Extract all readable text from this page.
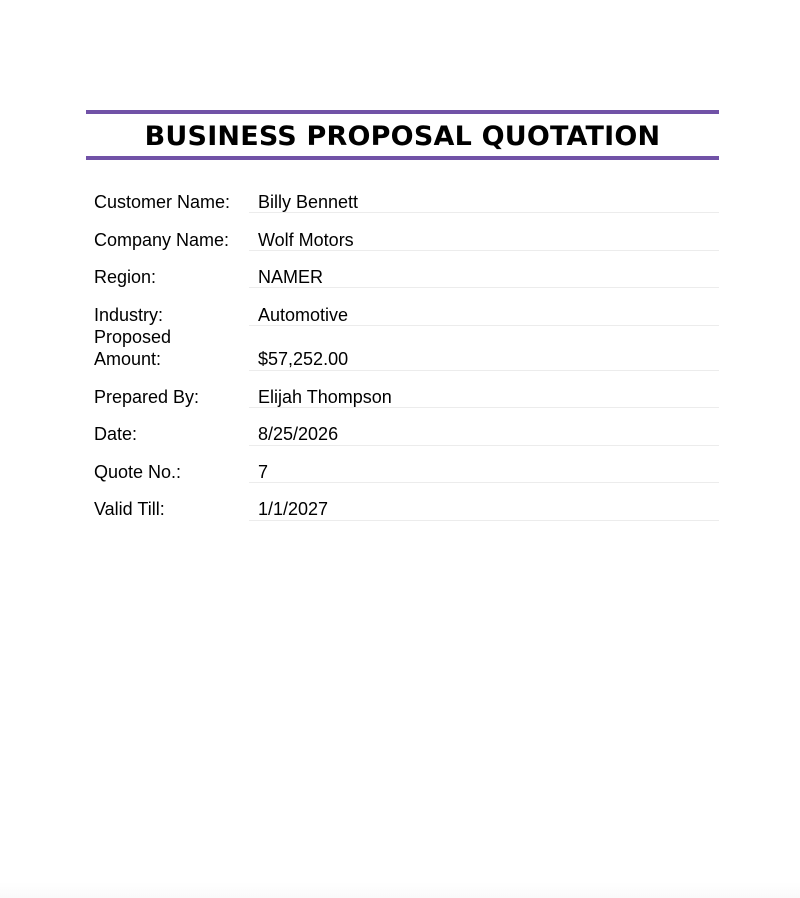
BUSINESS PROPOSAL QUOTATION
Customer Name:	Billy Bennett
Company Name:	Wolf Motors
Region:	NAMER
Industry:	Automotive
Proposed Amount:	$57,252.00
Prepared By:	Elijah Thompson
Date:	8/25/2026
Quote No.:	7
Valid Till:	1/1/2027
